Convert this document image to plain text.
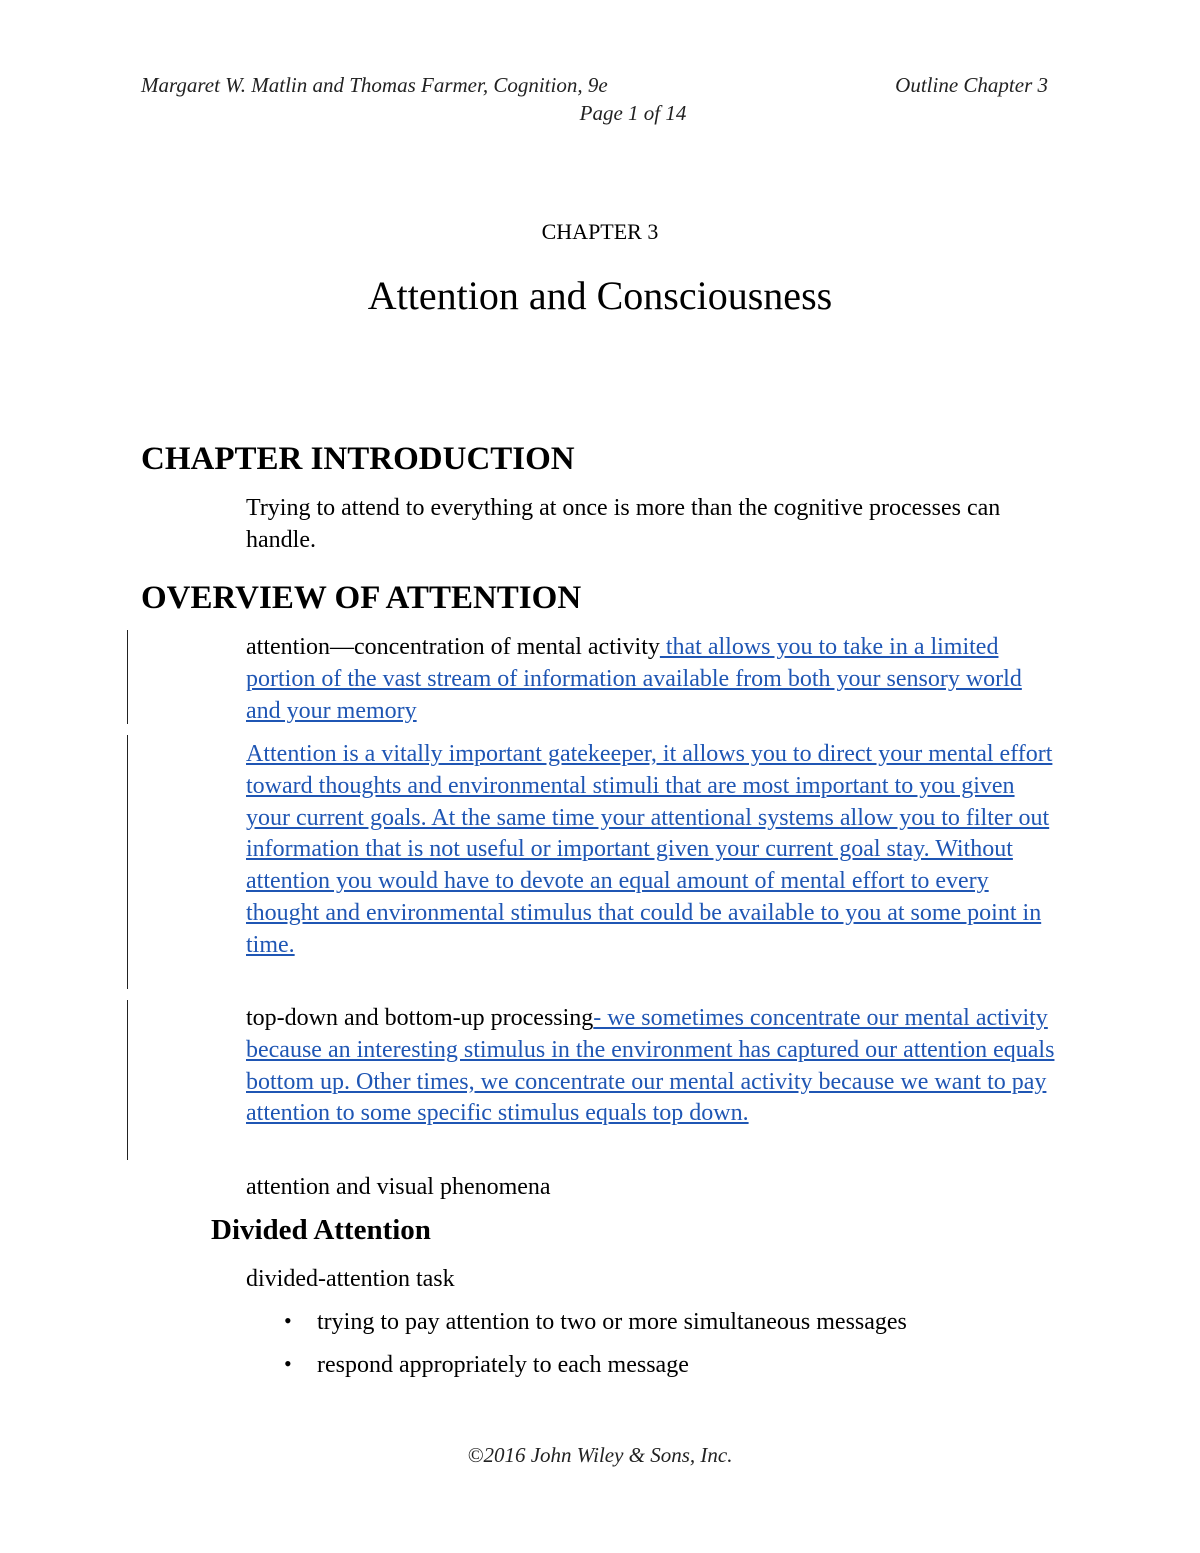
Margaret W. Matlin and Thomas Farmer, Cognition, 9e	Outline Chapter 3
Page 1 of 14
CHAPTER 3
Attention and Consciousness
CHAPTER INTRODUCTION

Trying to attend to everything at once is more than the cognitive processes can handle.

OVERVIEW OF ATTENTION

attention—concentration of mental activity that allows you to take in a limited portion of the vast stream of information available from both your sensory world and your memory

Attention is a vitally important gatekeeper, it allows you to direct your mental effort toward thoughts and environmental stimuli that are most important to you given your current goals. At the same time your attentional systems allow you to filter out information that is not useful or important given your current goal stay. Without attention you would have to devote an equal amount of mental effort to every thought and environmental stimulus that could be available to you at some point in time.

top-down and bottom-up processing- we sometimes concentrate our mental activity because an interesting stimulus in the environment has captured our attention equals bottom up. Other times, we concentrate our mental activity because we want to pay attention to some specific stimulus equals top down.

attention and visual phenomena

Divided Attention

divided-attention task

• trying to pay attention to two or more simultaneous messages

• respond appropriately to each message

©2016 John Wiley & Sons, Inc.
